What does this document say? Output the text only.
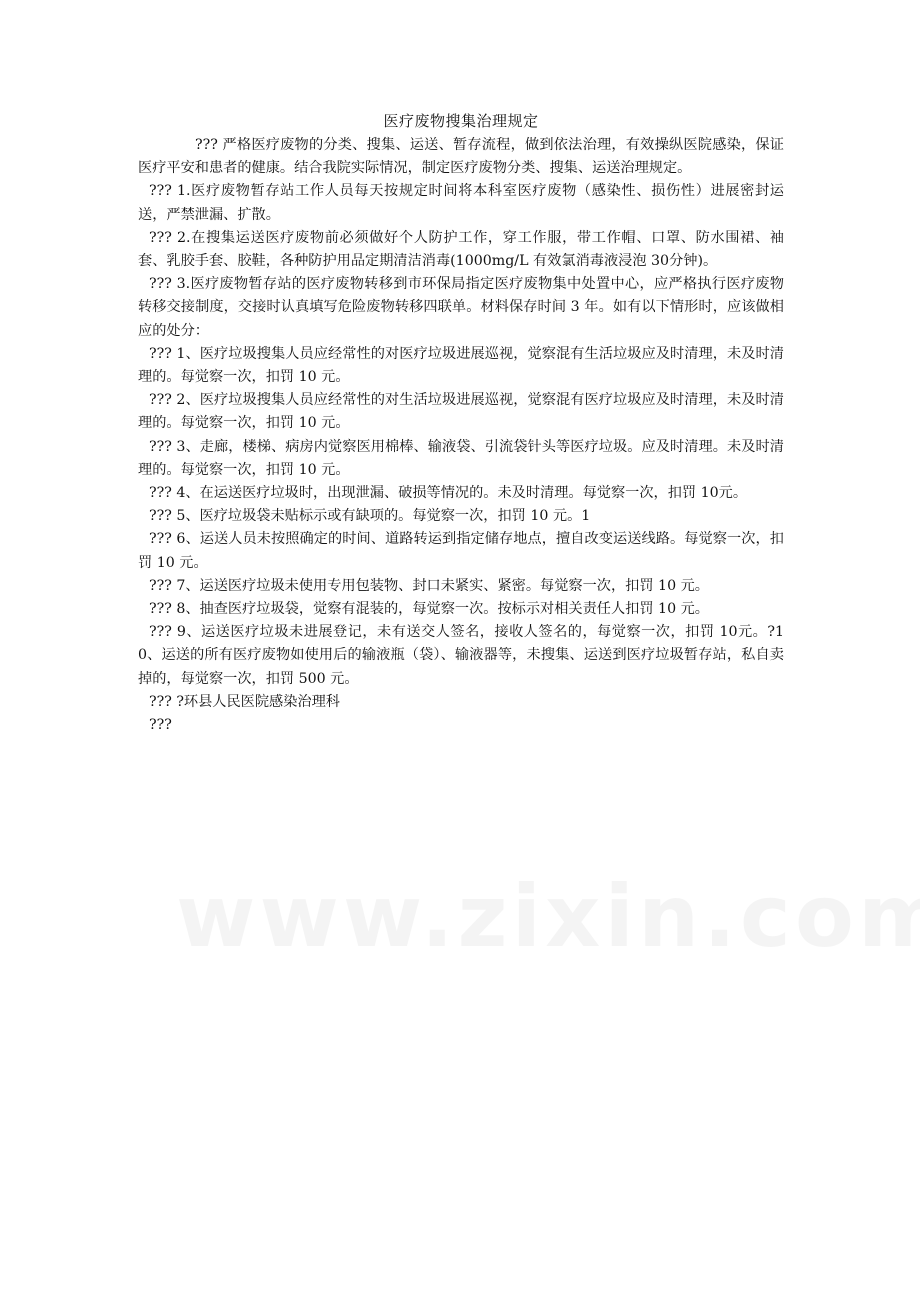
医疗废物搜集治理规定

??? 严格医疗废物的分类、搜集、运送、暂存流程，做到依法治理，有效操纵医院感染，保证医疗平安和患者的健康。结合我院实际情况，制定医疗废物分类、搜集、运送治理规定。

??? 1.医疗废物暂存站工作人员每天按规定时间将本科室医疗废物（感染性、损伤性）进展密封运送，严禁泄漏、扩散。

??? 2.在搜集运送医疗废物前必须做好个人防护工作，穿工作服，带工作帽、口罩、防水围裙、袖套、乳胶手套、胶鞋，各种防护用品定期清洁消毒(1000mg/L 有效氯消毒液浸泡 30分钟)。

??? 3.医疗废物暂存站的医疗废物转移到市环保局指定医疗废物集中处置中心，应严格执行医疗废物转移交接制度，交接时认真填写危险废物转移四联单。材料保存时间 3 年。如有以下情形时，应该做相应的处分：

??? 1、医疗垃圾搜集人员应经常性的对医疗垃圾进展巡视，觉察混有生活垃圾应及时清理，未及时清理的。每觉察一次，扣罚 10 元。

??? 2、医疗垃圾搜集人员应经常性的对生活垃圾进展巡视，觉察混有医疗垃圾应及时清理，未及时清理的。每觉察一次，扣罚 10 元。

??? 3、走廊，楼梯、病房内觉察医用棉棒、输液袋、引流袋针头等医疗垃圾。应及时清理。未及时清理的。每觉察一次，扣罚 10 元。

??? 4、在运送医疗垃圾时，出现泄漏、破损等情况的。未及时清理。每觉察一次，扣罚 10元。

??? 5、医疗垃圾袋未贴标示或有缺项的。每觉察一次，扣罚 10 元。1

??? 6、运送人员未按照确定的时间、道路转运到指定储存地点，擅自改变运送线路。每觉察一次，扣罚 10 元。

??? 7、运送医疗垃圾未使用专用包装物、封口未紧实、紧密。每觉察一次，扣罚 10 元。

??? 8、抽查医疗垃圾袋，觉察有混装的，每觉察一次。按标示对相关责任人扣罚 10 元。

??? 9、运送医疗垃圾未进展登记，未有送交人签名，接收人签名的，每觉察一次，扣罚 10元。?10、运送的所有医疗废物如使用后的输液瓶（袋）、输液器等，未搜集、运送到医疗垃圾暂存站，私自卖掉的，每觉察一次，扣罚 500 元。

??? ?环县人民医院感染治理科

???
